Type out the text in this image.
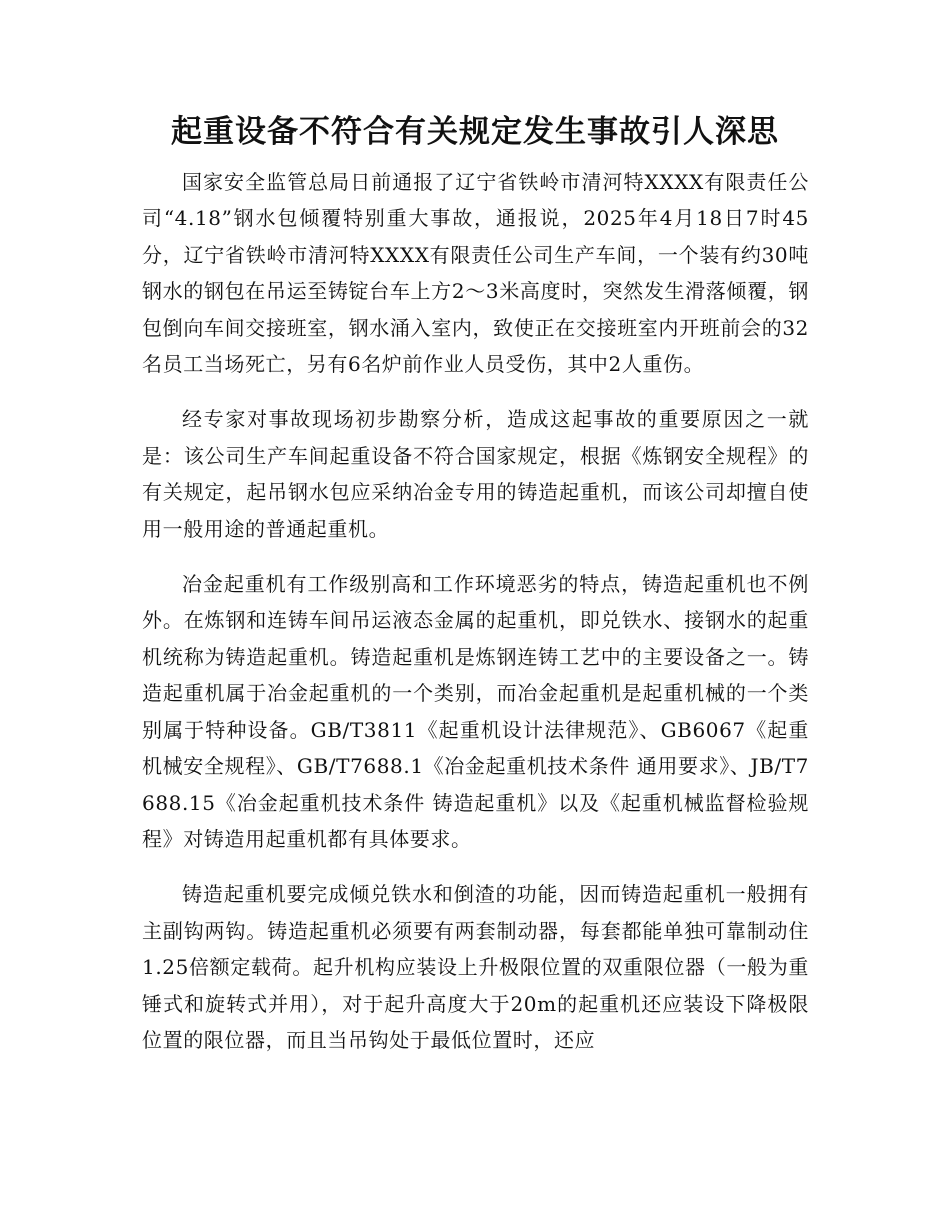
起重设备不符合有关规定发生事故引人深思

国家安全监管总局日前通报了辽宁省铁岭市清河特XXXX有限责任公司“4.18”钢水包倾覆特别重大事故，通报说，2025年4月18日7时45分，辽宁省铁岭市清河特XXXX有限责任公司生产车间，一个装有约30吨钢水的钢包在吊运至铸锭台车上方2～3米高度时，突然发生滑落倾覆，钢包倒向车间交接班室，钢水涌入室内，致使正在交接班室内开班前会的32名员工当场死亡，另有6名炉前作业人员受伤，其中2人重伤。

经专家对事故现场初步勘察分析，造成这起事故的重要原因之一就是：该公司生产车间起重设备不符合国家规定，根据《炼钢安全规程》的有关规定，起吊钢水包应采纳冶金专用的铸造起重机，而该公司却擅自使用一般用途的普通起重机。

冶金起重机有工作级别高和工作环境恶劣的特点，铸造起重机也不例外。在炼钢和连铸车间吊运液态金属的起重机，即兑铁水、接钢水的起重机统称为铸造起重机。铸造起重机是炼钢连铸工艺中的主要设备之一。铸造起重机属于冶金起重机的一个类别，而冶金起重机是起重机械的一个类别属于特种设备。GB/T3811《起重机设计法律规范》、GB6067《起重机械安全规程》、GB/T7688.1《冶金起重机技术条件 通用要求》、JB/T7688.15《冶金起重机技术条件 铸造起重机》以及《起重机械监督检验规程》对铸造用起重机都有具体要求。

铸造起重机要完成倾兑铁水和倒渣的功能，因而铸造起重机一般拥有主副钩两钩。铸造起重机必须要有两套制动器，每套都能单独可靠制动住1.25倍额定载荷。起升机构应装设上升极限位置的双重限位器（一般为重锤式和旋转式并用），对于起升高度大于20m的起重机还应装设下降极限位置的限位器，而且当吊钩处于最低位置时，还应
